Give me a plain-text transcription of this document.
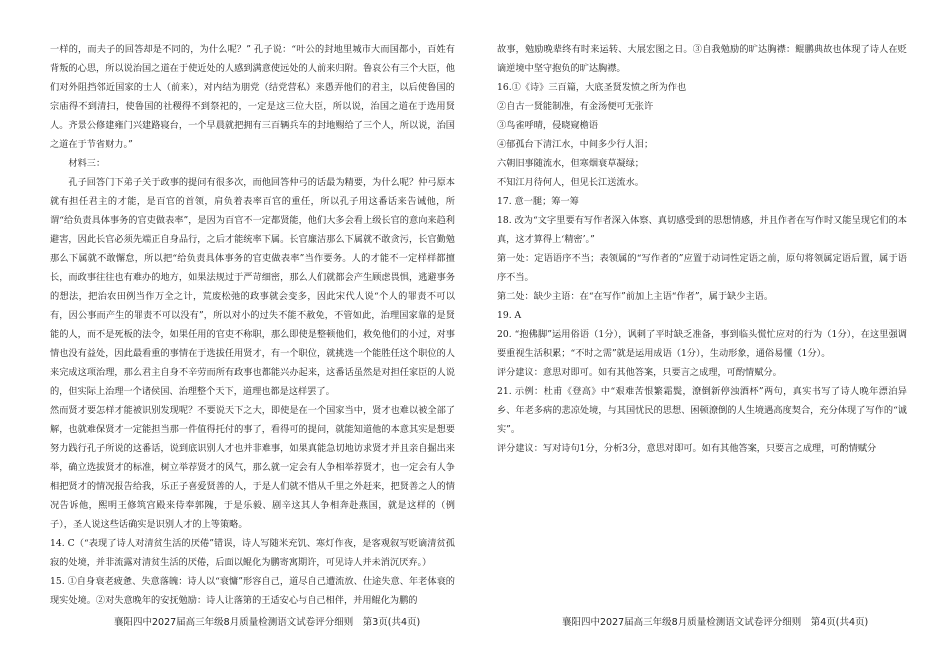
一样的，而夫子的回答却是不同的，为什么呢？” 孔子说：“叶公的封地里城市大而国都小，百姓有背叛的心思，所以说治国之道在于使近处的人感到满意使远处的人前来归附。鲁哀公有三个大臣，他们对外阻挡邻近国家的士人（前来），对内结为朋党（结党营私）来愚弄他们的君主，以后使鲁国的宗庙得不到清扫，使鲁国的社稷得不到祭祀的，一定是这三位大臣，所以说，治国之道在于选用贤人。齐景公修建雍门兴建路寝台，一个早晨就把拥有三百辆兵车的封地赐给了三个人，所以说，治国之道在于节省财力。”

材料三：

孔子回答门下弟子关于政事的提问有很多次，而他回答仲弓的话最为精要，为什么呢？仲弓原本就有担任君主的才能，是百官的首领，肩负着表率百官的重任，所以孔子用这番话来告诫他，所谓“给负责具体事务的官吏做表率”，是因为百官不一定都贤能，他们大多会看上级长官的意向来趋利避害，因此长官必须先端正自身品行，之后才能统率下属。长官廉洁那么下属就不敢贪污，长官勤勉那么下属就不敢懈怠，所以把“给负责具体事务的官吏做表率”当作要务。人的才能不一定样样都擅长，而政事往往也有难办的地方，如果法规过于严苛细密，那么人们就都会产生顾虑畏惧，逃避事务的想法，把治农田例当作万全之计，荒废松弛的政事就会变多，因此宋代人说“个人的罪责不可以有，因公事而产生的罪责不可以没有”，所以对小的过失不能不赦免，不管如此，治理国家靠的是贤能的人，而不是死板的法令，如果任用的官吏不称职，那么即使是整顿他们，救免他们的小过，对事情也没有益处，因此最看重的事情在于选拔任用贤才，有一个职位，就挑选一个能胜任这个职位的人来完成这项治理，那么君主自身不辛劳而所有政事也都能兴办起来，这番话虽然是对担任家臣的人说的，但实际上治理一个诸侯国、治理整个天下，道理也都是这样罢了。

然而贤才要怎样才能被识别发现呢？不要说天下之大，即使是在一个国家当中，贤才也难以被全部了解，也就难保贤才一定能担当那一件值得托付的事了，看得可的提问，就能知道他的本意其实是想要努力践行孔子所说的这番话，说到底识别人才也并非难事，如果真能急切地访求贤才并且亲自掘出来举，确立选拔贤才的标准，树立举荐贤才的风气，那么就一定会有人争相举荐贤才，也一定会有人争相把贤才的情况报告给我，乐正子喜爱贤善的人，于是人们就不惜从千里之外赶来，把贤善之人的情况告诉他，熙明王修筑宫殿来侍奉郭隗，于是乐毅、剧辛这其人争相奔赴燕国，就是这样的（例子），圣人说这些话确实是识别人才的上等策略。

14. C（“表现了诗人对清贫生活的厌倦”错误，诗人写随米充饥、寒灯作夜，是客观叙写贬谪清贫孤寂的处境，并非流露对清贫生活的厌倦，后面以鲲化为鹏寄寓期许，可见诗人并未消沉厌弃。）

15. ①自身衰老疲惫、失意落魄：诗人以“衰慵”形容自己，道尽自己遭流放、仕途失意、年老体衰的现实处境。②对失意晚年的安抚勉励：诗人让落第的王适安心与自己相伴，并用鲲化为鹏的

故事，勉励晚辈终有时来运转、大展宏图之日。③自我勉励的旷达胸襟：鲲鹏典故也体现了诗人在贬谪逆境中坚守抱负的旷达胸襟。

16.①《诗》三百篇，大底圣贤发愤之所为作也

②自古一贤能制准，有金汤便可无张许

③鸟雀呼晴，侵晓窥檐语

④郁孤台下清江水，中间多少行人泪；

六朝旧事随流水，但寒烟衰草凝绿；

不知江月待何人，但见长江送流水。

17. 意一腿；筹一筹

18. 改为“文字里要有写作者深入体察、真切感受到的思想情感，并且作者在写作时又能呈现它们的本真，这才算得上‘精密’。”

第一处：定语语序不当；表领属的“写作者的”应置于动词性定语之前，原句将领属定语后置，属于语序不当。

第二处：缺少主语：在“在写作”前加上主语“作者”，属于缺少主语。

19. A

20. “抱佛脚”运用俗语（1分），讽刺了平时缺乏准备，事到临头慌忙应对的行为（1分），在这里强调要重视生活积累；“不时之需”就是运用成语（1分），生动形象，通俗易懂（1分）。

评分建议：意思对即可。如有其他答案，只要言之成理，可酌情赋分。

21. 示例：杜甫《登高》中“艰难苦恨繁霜鬓，潦倒新停浊酒杯”两句，真实书写了诗人晚年漂泊异乡、年老多病的悲凉处境，与其国忧民的思想、困顿潦倒的人生境遇高度契合，充分体现了写作的“诚实”。

评分建议：写对诗句1分，分析3分，意思对即可。如有其他答案，只要言之成理，可酌情赋分

襄阳四中2027届高三年级8月质量检测语文试卷评分细则　第3页(共4页)	襄阳四中2027届高三年级8月质量检测语文试卷评分细则　第4页(共4页)
